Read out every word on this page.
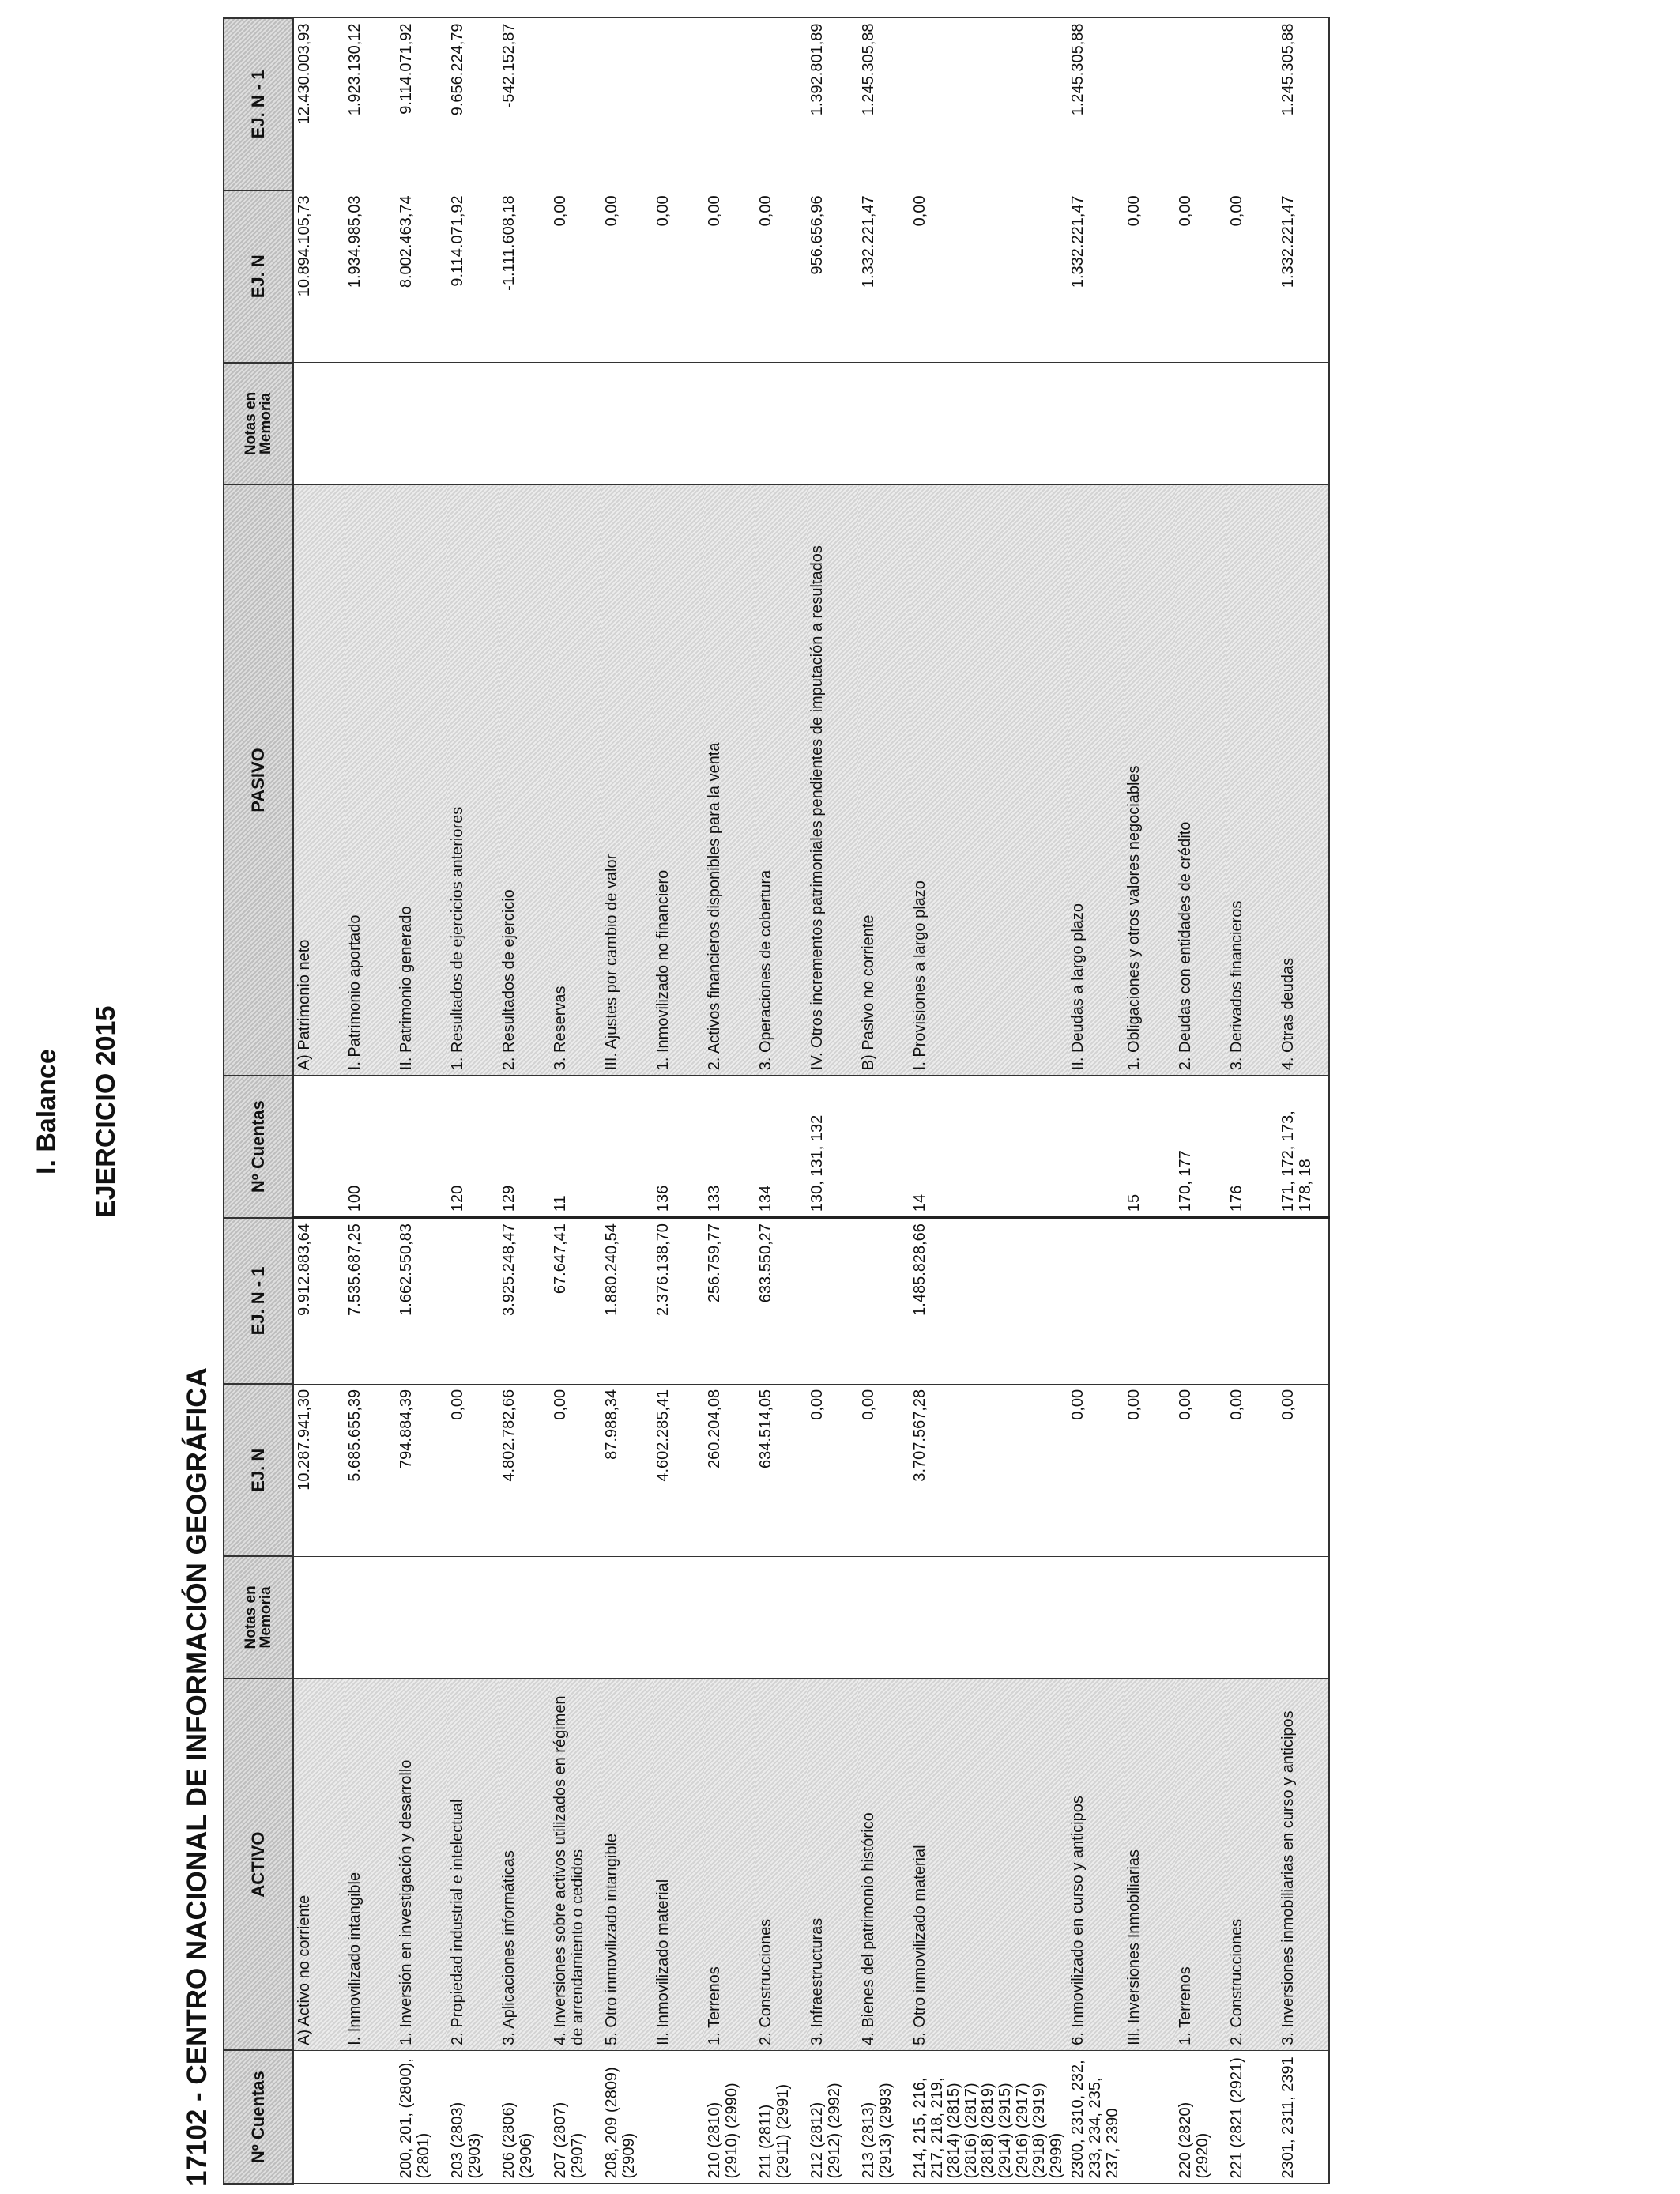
I. Balance EJERCICIO 2015
17102 - CENTRO NACIONAL DE INFORMACIÓN GEOGRÁFICA Nº Cuentas	ACTIVO	Notas en Memoria	EJ. N	EJ. N - 1	Nº Cuentas	PASIVO	Notas en Memoria	EJ. N	EJ. N - 1
	A) Activo no corriente		10.287.941,30	9.912.883,64		A) Patrimonio neto		10.894.105,73	12.430.003,93
	I. Inmovilizado intangible		5.685.655,39	7.535.687,25	100	I. Patrimonio aportado		1.934.985,03	1.923.130,12
200, 201, (2800), (2801)	1. Inversión en investigación y desarrollo		794.884,39	1.662.550,83		II. Patrimonio generado		8.002.463,74	9.114.071,92
203 (2803) (2903)	2. Propiedad industrial e intelectual		0,00		120	1. Resultados de ejercicios anteriores		9.114.071,92	9.656.224,79
206 (2806) (2906)	3. Aplicaciones informáticas		4.802.782,66	3.925.248,47	129	2. Resultados de ejercicio		-1.111.608,18	-542.152,87
207 (2807) (2907)	4. Inversiones sobre activos utilizados en régimen de arrendamiento o cedidos		0,00	67.647,41	11	3. Reservas		0,00	
208, 209 (2809) (2909)	5. Otro inmovilizado intangible		87.988,34	1.880.240,54		III. Ajustes por cambio de valor		0,00	
	II. Inmovilizado material		4.602.285,41	2.376.138,70	136	1. Inmovilizado no financiero		0,00	
210 (2810) (2910) (2990)	1. Terrenos		260.204,08	256.759,77	133	2. Activos financieros disponibles para la venta		0,00	
211 (2811) (2911) (2991)	2. Construcciones		634.514,05	633.550,27	134	3. Operaciones de cobertura		0,00	
212 (2812) (2912) (2992)	3. Infraestructuras		0,00		130, 131, 132	IV. Otros incrementos patrimoniales pendientes de imputación a resultados		956.656,96	1.392.801,89
213 (2813) (2913) (2993)	4. Bienes del patrimonio histórico		0,00			B) Pasivo no corriente		1.332.221,47	1.245.305,88
214, 215, 216, 217, 218, 219, (2814) (2815) (2816) (2817) (2818) (2819) (2914) (2915) (2916) (2917) (2918) (2919) (2999)	5. Otro inmovilizado material		3.707.567,28	1.485.828,66	14	I. Provisiones a largo plazo		0,00	
2300, 2310, 232, 233, 234, 235, 237, 2390	6. Inmovilizado en curso y anticipos		0,00			II. Deudas a largo plazo		1.332.221,47	1.245.305,88
	III. Inversiones Inmobiliarias		0,00		15	1. Obligaciones y otros valores negociables		0,00	
220 (2820) (2920)	1. Terrenos		0,00		170, 177	2. Deudas con entidades de crédito		0,00	
221 (2821 (2921)	2. Construcciones		0,00		176	3. Derivados financieros		0,00	
2301, 2311, 2391	3. Inversiones inmobiliarias en curso y anticipos		0,00		171, 172, 173, 178, 18	4. Otras deudas		1.332.221,47	1.245.305,88
